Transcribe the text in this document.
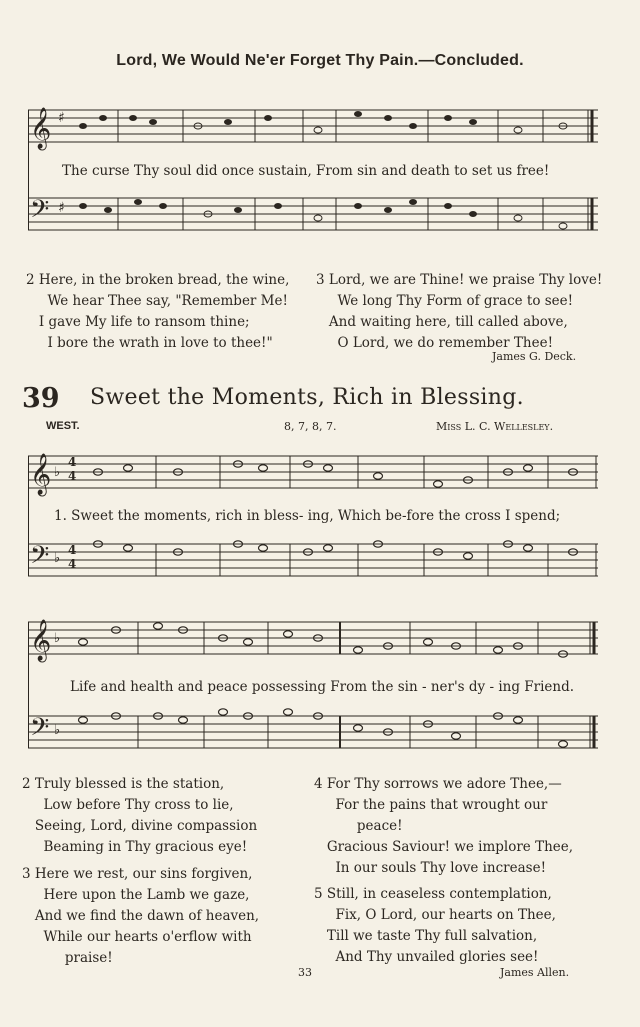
Lord, We Would Ne'er Forget Thy Pain.—Concluded.
𝄞
𝄢
♯
♯
The curse Thy soul did once sustain, From sin and death to set us free!
2 Here, in the broken bread, the wine,
We hear Thee say, "Remember Me!
I gave My life to ransom thine;
I bore the wrath in love to thee!"
3 Lord, we are Thine! we praise Thy love!
We long Thy Form of grace to see!
And waiting here, till called above,
O Lord, we do remember Thee!
James G. Deck.
39 Sweet the Moments, Rich in Blessing.
WEST.	8, 7, 8, 7.	Miss L. C. Wellesley.
𝄞
𝄢
♭
♭
4
4
4
4
1. Sweet the moments, rich in bless- ing, Which be-fore the cross I spend;
𝄞
𝄢
♭
♭
Life and health and peace possessing From the sin - ner's dy - ing Friend.
2 Truly blessed is the station,
Low before Thy cross to lie,
Seeing, Lord, divine compassion
Beaming in Thy gracious eye!
3 Here we rest, our sins forgiven,
Here upon the Lamb we gaze,
And we find the dawn of heaven,
While our hearts o'erflow with
praise!
4 For Thy sorrows we adore Thee,—
For the pains that wrought our
peace!
Gracious Saviour! we implore Thee,
In our souls Thy love increase!
5 Still, in ceaseless contemplation,
Fix, O Lord, our hearts on Thee,
Till we taste Thy full salvation,
And Thy unvailed glories see!
33	James Allen.
